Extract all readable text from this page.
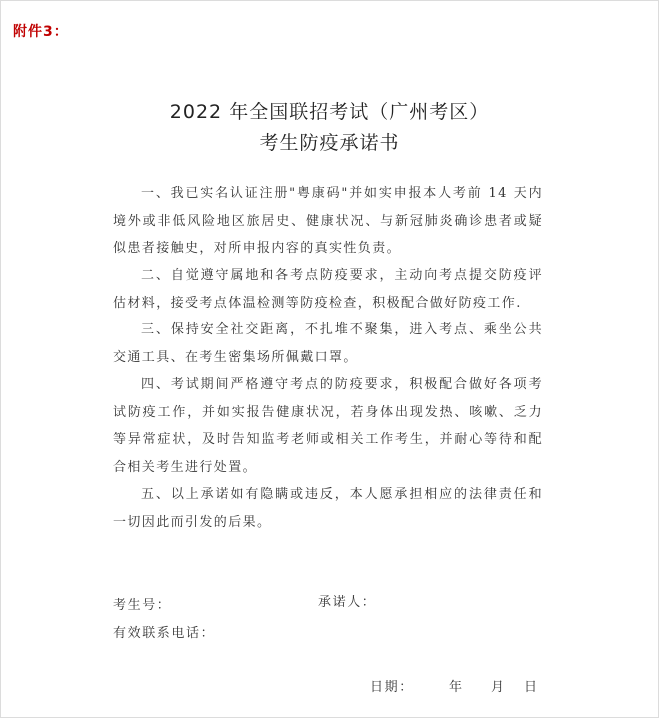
附件3：
2022 年全国联招考试（广州考区）
考生防疫承诺书

一、我已实名认证注册"粤康码"并如实申报本人考前 14 天内境外或非低风险地区旅居史、健康状况、与新冠肺炎确诊患者或疑似患者接触史，对所申报内容的真实性负责。

二、自觉遵守属地和各考点防疫要求，主动向考点提交防疫评估材料，接受考点体温检测等防疫检查，积极配合做好防疫工作.

三、保持安全社交距离，不扎堆不聚集，进入考点、乘坐公共交通工具、在考生密集场所佩戴口罩。

四、考试期间严格遵守考点的防疫要求，积极配合做好各项考试防疫工作，并如实报告健康状况，若身体出现发热、咳嗽、乏力等异常症状，及时告知监考老师或相关工作考生，并耐心等待和配合相关考生进行处置。

五、以上承诺如有隐瞒或违反，本人愿承担相应的法律责任和一切因此而引发的后果。

考生号：	承诺人：
有效联系电话：
日期：	年 月 日
